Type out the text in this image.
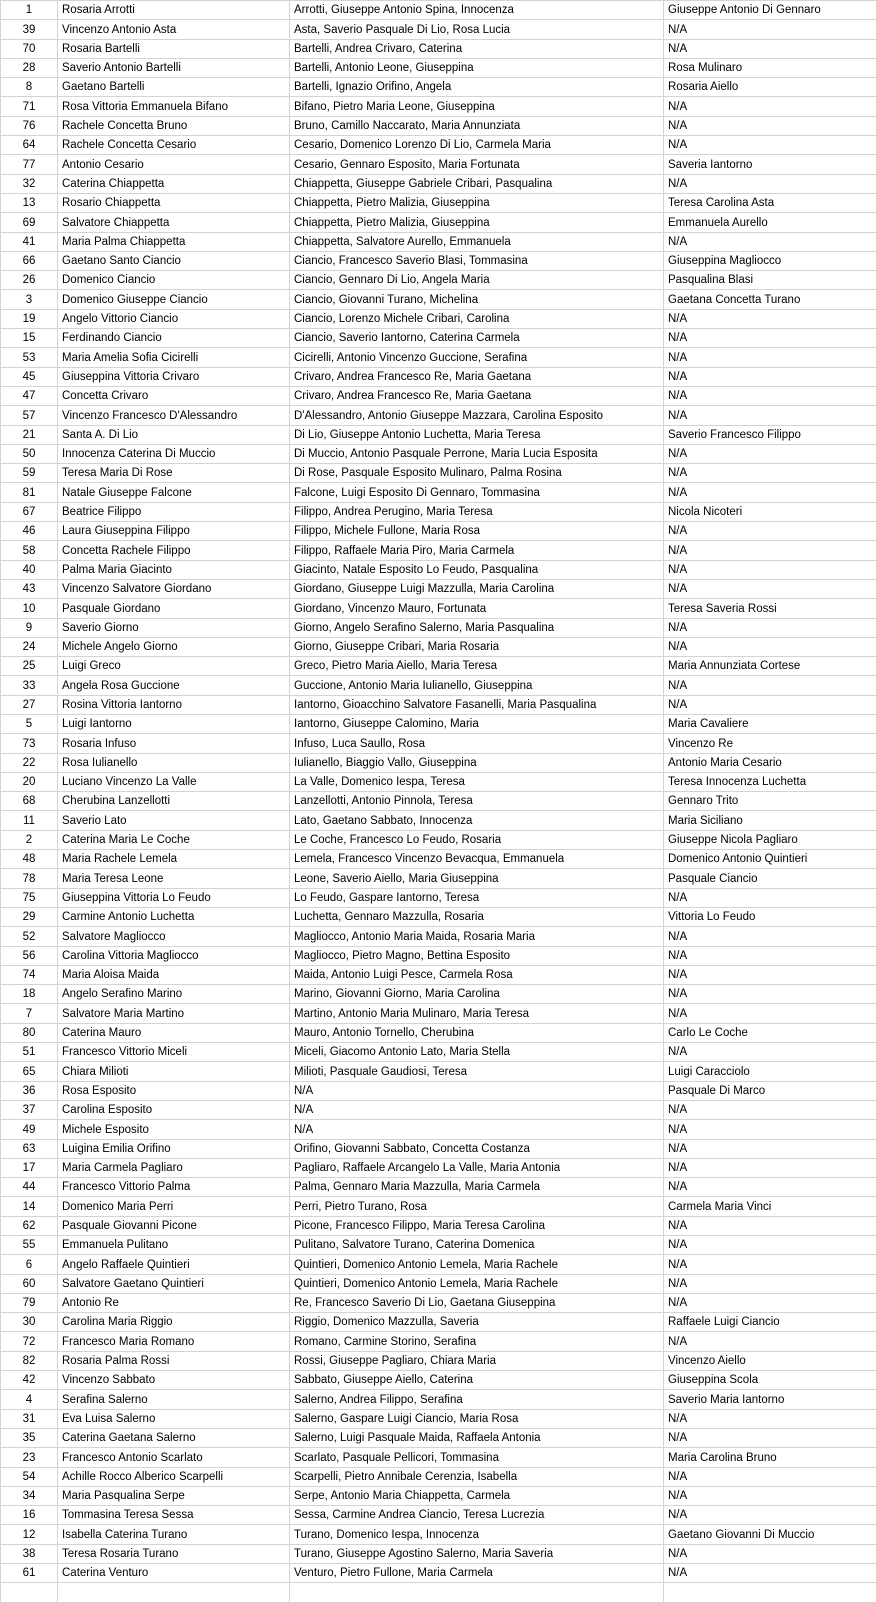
1	Rosaria Arrotti	Arrotti, Giuseppe Antonio Spina, Innocenza	Giuseppe Antonio Di Gennaro
39	Vincenzo Antonio Asta	Asta, Saverio Pasquale Di Lio, Rosa Lucia	N/A
70	Rosaria Bartelli	Bartelli, Andrea Crivaro, Caterina	N/A
28	Saverio Antonio Bartelli	Bartelli, Antonio Leone, Giuseppina	Rosa Mulinaro
8	Gaetano Bartelli	Bartelli, Ignazio Orifino, Angela	Rosaria Aiello
71	Rosa Vittoria Emmanuela Bifano	Bifano, Pietro Maria Leone, Giuseppina	N/A
76	Rachele Concetta Bruno	Bruno, Camillo Naccarato, Maria Annunziata	N/A
64	Rachele Concetta Cesario	Cesario, Domenico Lorenzo Di Lio, Carmela Maria	N/A
77	Antonio Cesario	Cesario, Gennaro Esposito, Maria Fortunata	Saveria Iantorno
32	Caterina Chiappetta	Chiappetta, Giuseppe Gabriele Cribari, Pasqualina	N/A
13	Rosario Chiappetta	Chiappetta, Pietro Malizia, Giuseppina	Teresa Carolina Asta
69	Salvatore Chiappetta	Chiappetta, Pietro Malizia, Giuseppina	Emmanuela Aurello
41	Maria Palma Chiappetta	Chiappetta, Salvatore Aurello, Emmanuela	N/A
66	Gaetano Santo Ciancio	Ciancio, Francesco Saverio Blasi, Tommasina	Giuseppina Magliocco
26	Domenico Ciancio	Ciancio, Gennaro Di Lio, Angela Maria	Pasqualina Blasi
3	Domenico Giuseppe Ciancio	Ciancio, Giovanni Turano, Michelina	Gaetana Concetta Turano
19	Angelo Vittorio Ciancio	Ciancio, Lorenzo Michele Cribari, Carolina	N/A
15	Ferdinando Ciancio	Ciancio, Saverio Iantorno, Caterina Carmela	N/A
53	Maria Amelia Sofia Cicirelli	Cicirelli, Antonio Vincenzo Guccione, Serafina	N/A
45	Giuseppina Vittoria Crivaro	Crivaro, Andrea Francesco Re, Maria Gaetana	N/A
47	Concetta Crivaro	Crivaro, Andrea Francesco Re, Maria Gaetana	N/A
57	Vincenzo Francesco D'Alessandro	D'Alessandro, Antonio Giuseppe Mazzara, Carolina Esposito	N/A
21	Santa A. Di Lio	Di Lio, Giuseppe Antonio Luchetta, Maria Teresa	Saverio Francesco Filippo
50	Innocenza Caterina Di Muccio	Di Muccio, Antonio Pasquale Perrone, Maria Lucia Esposita	N/A
59	Teresa Maria Di Rose	Di Rose, Pasquale Esposito Mulinaro, Palma Rosina	N/A
81	Natale Giuseppe Falcone	Falcone, Luigi Esposito Di Gennaro, Tommasina	N/A
67	Beatrice Filippo	Filippo, Andrea Perugino, Maria Teresa	Nicola Nicoteri
46	Laura Giuseppina Filippo	Filippo, Michele Fullone, Maria Rosa	N/A
58	Concetta Rachele Filippo	Filippo, Raffaele Maria Piro, Maria Carmela	N/A
40	Palma Maria Giacinto	Giacinto, Natale Esposito Lo Feudo, Pasqualina	N/A
43	Vincenzo Salvatore Giordano	Giordano, Giuseppe Luigi Mazzulla, Maria Carolina	N/A
10	Pasquale Giordano	Giordano, Vincenzo Mauro, Fortunata	Teresa Saveria Rossi
9	Saverio Giorno	Giorno, Angelo Serafino Salerno, Maria Pasqualina	N/A
24	Michele Angelo Giorno	Giorno, Giuseppe Cribari, Maria Rosaria	N/A
25	Luigi Greco	Greco, Pietro Maria Aiello, Maria Teresa	Maria Annunziata Cortese
33	Angela Rosa Guccione	Guccione, Antonio Maria Iulianello, Giuseppina	N/A
27	Rosina Vittoria Iantorno	Iantorno, Gioacchino Salvatore Fasanelli, Maria Pasqualina	N/A
5	Luigi Iantorno	Iantorno, Giuseppe Calomino, Maria	Maria Cavaliere
73	Rosaria Infuso	Infuso, Luca Saullo, Rosa	Vincenzo Re
22	Rosa Iulianello	Iulianello, Biaggio Vallo, Giuseppina	Antonio Maria Cesario
20	Luciano Vincenzo La Valle	La Valle, Domenico Iespa, Teresa	Teresa Innocenza Luchetta
68	Cherubina Lanzellotti	Lanzellotti, Antonio Pinnola, Teresa	Gennaro Trito
11	Saverio Lato	Lato, Gaetano Sabbato, Innocenza	Maria Siciliano
2	Caterina Maria Le Coche	Le Coche, Francesco Lo Feudo, Rosaria	Giuseppe Nicola Pagliaro
48	Maria Rachele Lemela	Lemela, Francesco Vincenzo Bevacqua, Emmanuela	Domenico Antonio Quintieri
78	Maria Teresa Leone	Leone, Saverio Aiello, Maria Giuseppina	Pasquale Ciancio
75	Giuseppina Vittoria Lo Feudo	Lo Feudo, Gaspare Iantorno, Teresa	N/A
29	Carmine Antonio Luchetta	Luchetta, Gennaro Mazzulla, Rosaria	Vittoria Lo Feudo
52	Salvatore Magliocco	Magliocco, Antonio Maria Maida, Rosaria Maria	N/A
56	Carolina Vittoria Magliocco	Magliocco, Pietro Magno, Bettina Esposito	N/A
74	Maria Aloisa Maida	Maida, Antonio Luigi Pesce, Carmela Rosa	N/A
18	Angelo Serafino Marino	Marino, Giovanni Giorno, Maria Carolina	N/A
7	Salvatore Maria Martino	Martino, Antonio Maria Mulinaro, Maria Teresa	N/A
80	Caterina Mauro	Mauro, Antonio Tornello, Cherubina	Carlo Le Coche
51	Francesco Vittorio Miceli	Miceli, Giacomo Antonio Lato, Maria Stella	N/A
65	Chiara Milioti	Milioti, Pasquale Gaudiosi, Teresa	Luigi Caracciolo
36	Rosa Esposito	N/A	Pasquale Di Marco
37	Carolina Esposito	N/A	N/A
49	Michele Esposito	N/A	N/A
63	Luigina Emilia Orifino	Orifino, Giovanni Sabbato, Concetta Costanza	N/A
17	Maria Carmela Pagliaro	Pagliaro, Raffaele Arcangelo La Valle, Maria Antonia	N/A
44	Francesco Vittorio Palma	Palma, Gennaro Maria Mazzulla, Maria Carmela	N/A
14	Domenico Maria Perri	Perri, Pietro Turano, Rosa	Carmela Maria Vinci
62	Pasquale Giovanni Picone	Picone, Francesco Filippo, Maria Teresa Carolina	N/A
55	Emmanuela Pulitano	Pulitano, Salvatore Turano, Caterina Domenica	N/A
6	Angelo Raffaele Quintieri	Quintieri, Domenico Antonio Lemela, Maria Rachele	N/A
60	Salvatore Gaetano Quintieri	Quintieri, Domenico Antonio Lemela, Maria Rachele	N/A
79	Antonio Re	Re, Francesco Saverio Di Lio, Gaetana Giuseppina	N/A
30	Carolina Maria Riggio	Riggio, Domenico Mazzulla, Saveria	Raffaele Luigi Ciancio
72	Francesco Maria Romano	Romano, Carmine Storino, Serafina	N/A
82	Rosaria Palma Rossi	Rossi, Giuseppe Pagliaro, Chiara Maria	Vincenzo Aiello
42	Vincenzo Sabbato	Sabbato, Giuseppe Aiello, Caterina	Giuseppina Scola
4	Serafina Salerno	Salerno, Andrea Filippo, Serafina	Saverio Maria Iantorno
31	Eva Luisa Salerno	Salerno, Gaspare Luigi Ciancio, Maria Rosa	N/A
35	Caterina Gaetana Salerno	Salerno, Luigi Pasquale Maida, Raffaela Antonia	N/A
23	Francesco Antonio Scarlato	Scarlato, Pasquale Pellicori, Tommasina	Maria Carolina Bruno
54	Achille Rocco Alberico Scarpelli	Scarpelli, Pietro Annibale Cerenzia, Isabella	N/A
34	Maria Pasqualina Serpe	Serpe, Antonio Maria Chiappetta, Carmela	N/A
16	Tommasina Teresa Sessa	Sessa, Carmine Andrea Ciancio, Teresa Lucrezia	N/A
12	Isabella Caterina Turano	Turano, Domenico Iespa, Innocenza	Gaetano Giovanni Di Muccio
38	Teresa Rosaria Turano	Turano, Giuseppe Agostino Salerno, Maria Saveria	N/A
61	Caterina Venturo	Venturo, Pietro Fullone, Maria Carmela	N/A
